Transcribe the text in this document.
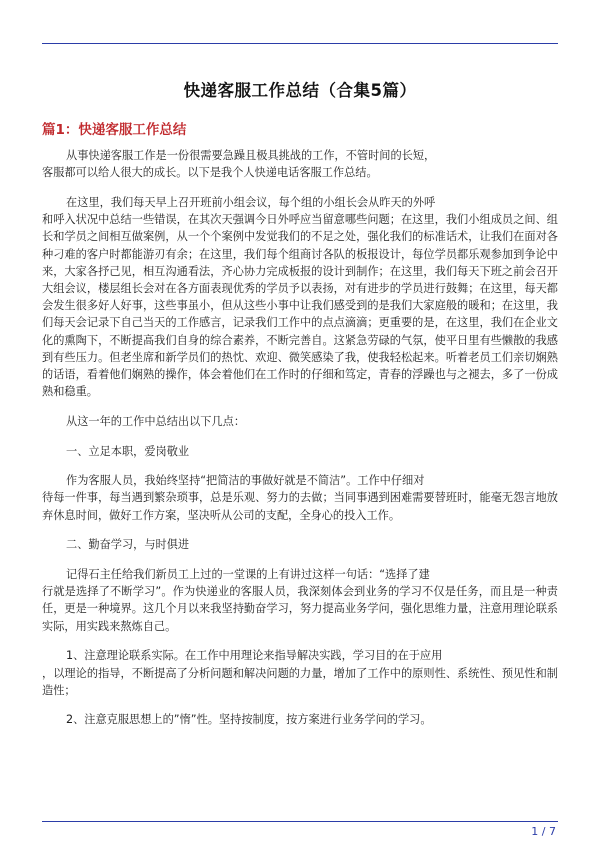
快递客服工作总结（合集5篇）
篇1：快递客服工作总结

从事快递客服工作是一份很需要急躁且极具挑战的工作，不管时间的长短，
客服都可以给人很大的成长。以下是我个人快递电话客服工作总结。

在这里，我们每天早上召开班前小组会议，每个组的小组长会从昨天的外呼
和呼入状况中总结一些错误，在其次天强调今日外呼应当留意哪些问题；在这里，我们小组成员之间、组长和学员之间相互做案例，从一个个案例中发觉我们的不足之处，强化我们的标准话术，让我们在面对各种刁难的客户时都能游刃有余；在这里，我们每个组商讨各队的板报设计，每位学员都乐观参加到争论中来，大家各抒己见，相互沟通看法，齐心协力完成板报的设计到制作；在这里，我们每天下班之前会召开大组会议，楼层组长会对在各方面表现优秀的学员予以表扬，对有进步的学员进行鼓舞；在这里，每天都会发生很多好人好事，这些事虽小，但从这些小事中让我们感受到的是我们大家庭般的暖和；在这里，我们每天会记录下自己当天的工作感言，记录我们工作中的点点滴滴；更重要的是，在这里，我们在企业文化的熏陶下，不断提高我们自身的综合素养，不断完善自。这紧急劳碌的气氛，使平日里有些懒散的我感到有些压力。但老坐席和新学员们的热忱、欢迎、微笑感染了我，使我轻松起来。听着老员工们亲切娴熟的话语，看着他们娴熟的操作，体会着他们在工作时的仔细和笃定，青春的浮躁也与之褪去，多了一份成熟和稳重。

从这一年的工作中总结出以下几点：

一、立足本职，爱岗敬业

作为客服人员，我始终坚持“把简洁的事做好就是不简洁”。工作中仔细对
待每一件事，每当遇到繁杂琐事，总是乐观、努力的去做；当同事遇到困难需要替班时，能毫无怨言地放弃休息时间，做好工作方案，坚决听从公司的支配，全身心的投入工作。

二、勤奋学习，与时俱进

记得石主任给我们新员工上过的一堂课的上有讲过这样一句话：“选择了建
行就是选择了不断学习”。作为快递业的客服人员，我深刻体会到业务的学习不仅是任务，而且是一种责任，更是一种境界。这几个月以来我坚持勤奋学习，努力提高业务学问，强化思维力量，注意用理论联系实际，用实践来熬炼自己。

1、注意理论联系实际。在工作中用理论来指导解决实践，学习目的在于应用
，以理论的指导，不断提高了分析问题和解决问题的力量，增加了工作中的原则性、系统性、预见性和制造性；

2、注意克服思想上的”惰”性。坚持按制度，按方案进行业务学问的学习。

1 / 7
